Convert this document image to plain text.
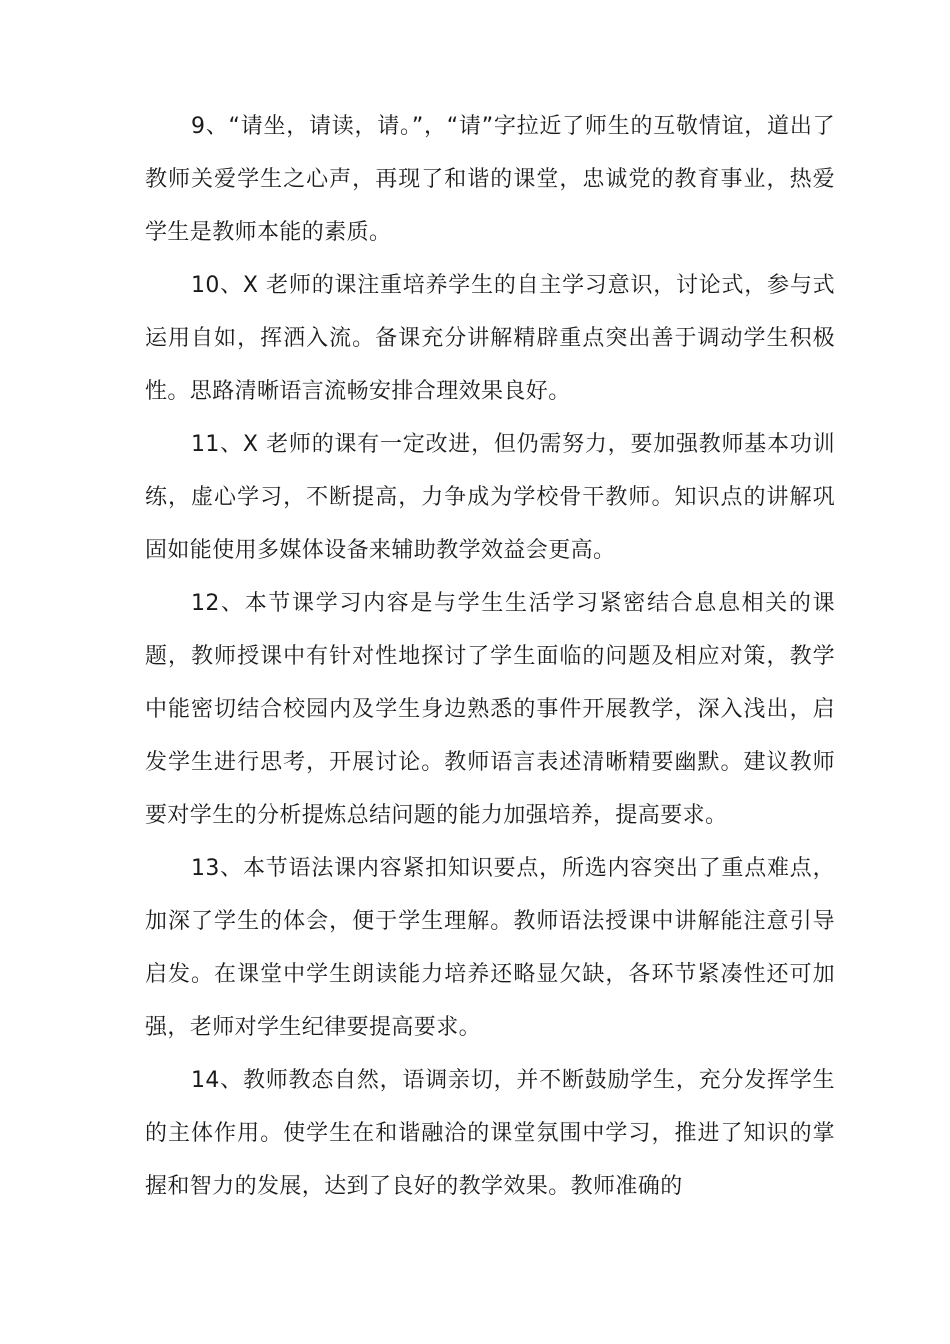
9、“请坐，请读，请。”，“请”字拉近了师生的互敬情谊，道出了教师关爱学生之心声，再现了和谐的课堂，忠诚党的教育事业，热爱学生是教师本能的素质。

10、X 老师的课注重培养学生的自主学习意识，讨论式，参与式运用自如，挥洒入流。备课充分讲解精辟重点突出善于调动学生积极性。思路清晰语言流畅安排合理效果良好。

11、X 老师的课有一定改进，但仍需努力，要加强教师基本功训练，虚心学习，不断提高，力争成为学校骨干教师。知识点的讲解巩固如能使用多媒体设备来辅助教学效益会更高。

12、本节课学习内容是与学生生活学习紧密结合息息相关的课题，教师授课中有针对性地探讨了学生面临的问题及相应对策，教学中能密切结合校园内及学生身边熟悉的事件开展教学，深入浅出，启发学生进行思考，开展讨论。教师语言表述清晰精要幽默。建议教师要对学生的分析提炼总结问题的能力加强培养，提高要求。

13、本节语法课内容紧扣知识要点，所选内容突出了重点难点，加深了学生的体会，便于学生理解。教师语法授课中讲解能注意引导启发。在课堂中学生朗读能力培养还略显欠缺，各环节紧凑性还可加强，老师对学生纪律要提高要求。

14、教师教态自然，语调亲切，并不断鼓励学生，充分发挥学生的主体作用。使学生在和谐融洽的课堂氛围中学习，推进了知识的掌握和智力的发展，达到了良好的教学效果。教师准确的
